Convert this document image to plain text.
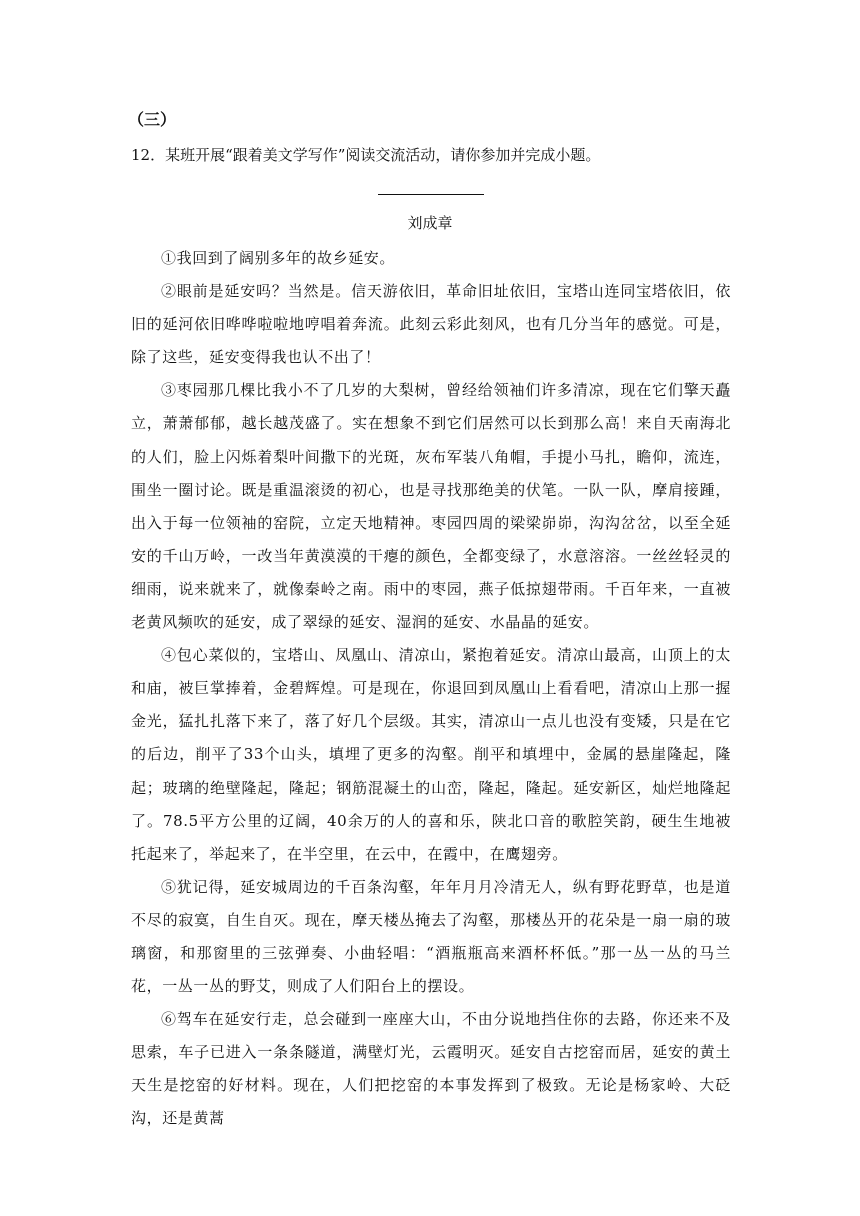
（三）
12．某班开展“跟着美文学写作”阅读交流活动，请你参加并完成小题。
刘成章

①我回到了阔别多年的故乡延安。

②眼前是延安吗？当然是。信天游依旧，革命旧址依旧，宝塔山连同宝塔依旧，依旧的延河依旧哗哗啦啦地哼唱着奔流。此刻云彩此刻风，也有几分当年的感觉。可是，除了这些，延安变得我也认不出了！

③枣园那几棵比我小不了几岁的大梨树，曾经给领袖们许多清凉，现在它们擎天矗立，萧萧郁郁，越长越茂盛了。实在想象不到它们居然可以长到那么高！来自天南海北的人们，脸上闪烁着梨叶间撒下的光斑，灰布军装八角帽，手提小马扎，瞻仰，流连，围坐一圈讨论。既是重温滚烫的初心，也是寻找那绝美的伏笔。一队一队，摩肩接踵，出入于每一位领袖的窑院，立定天地精神。枣园四周的梁梁峁峁，沟沟岔岔，以至全延安的千山万岭，一改当年黄漠漠的干瘪的颜色，全都变绿了，水意溶溶。一丝丝轻灵的细雨，说来就来了，就像秦岭之南。雨中的枣园，燕子低掠翅带雨。千百年来，一直被老黄风频吹的延安，成了翠绿的延安、湿润的延安、水晶晶的延安。

④包心菜似的，宝塔山、凤凰山、清凉山，紧抱着延安。清凉山最高，山顶上的太和庙，被巨掌捧着，金碧辉煌。可是现在，你退回到凤凰山上看看吧，清凉山上那一握金光，猛扎扎落下来了，落了好几个层级。其实，清凉山一点儿也没有变矮，只是在它的后边，削平了33个山头，填埋了更多的沟壑。削平和填埋中，金属的悬崖隆起，隆起；玻璃的绝壁隆起，隆起；钢筋混凝土的山峦，隆起，隆起。延安新区，灿烂地隆起了。78.5平方公里的辽阔，40余万的人的喜和乐，陕北口音的歌腔笑韵，硬生生地被托起来了，举起来了，在半空里，在云中，在霞中，在鹰翅旁。

⑤犹记得，延安城周边的千百条沟壑，年年月月冷清无人，纵有野花野草，也是道不尽的寂寞，自生自灭。现在，摩天楼丛掩去了沟壑，那楼丛开的花朵是一扇一扇的玻璃窗，和那窗里的三弦弹奏、小曲轻唱：“酒瓶瓶高来酒杯杯低。”那一丛一丛的马兰花，一丛一丛的野艾，则成了人们阳台上的摆设。

⑥驾车在延安行走，总会碰到一座座大山，不由分说地挡住你的去路，你还来不及思索，车子已进入一条条隧道，满壁灯光，云霞明灭。延安自古挖窑而居，延安的黄土天生是挖窑的好材料。现在，人们把挖窑的本事发挥到了极致。无论是杨家岭、大砭沟，还是黄蒿
